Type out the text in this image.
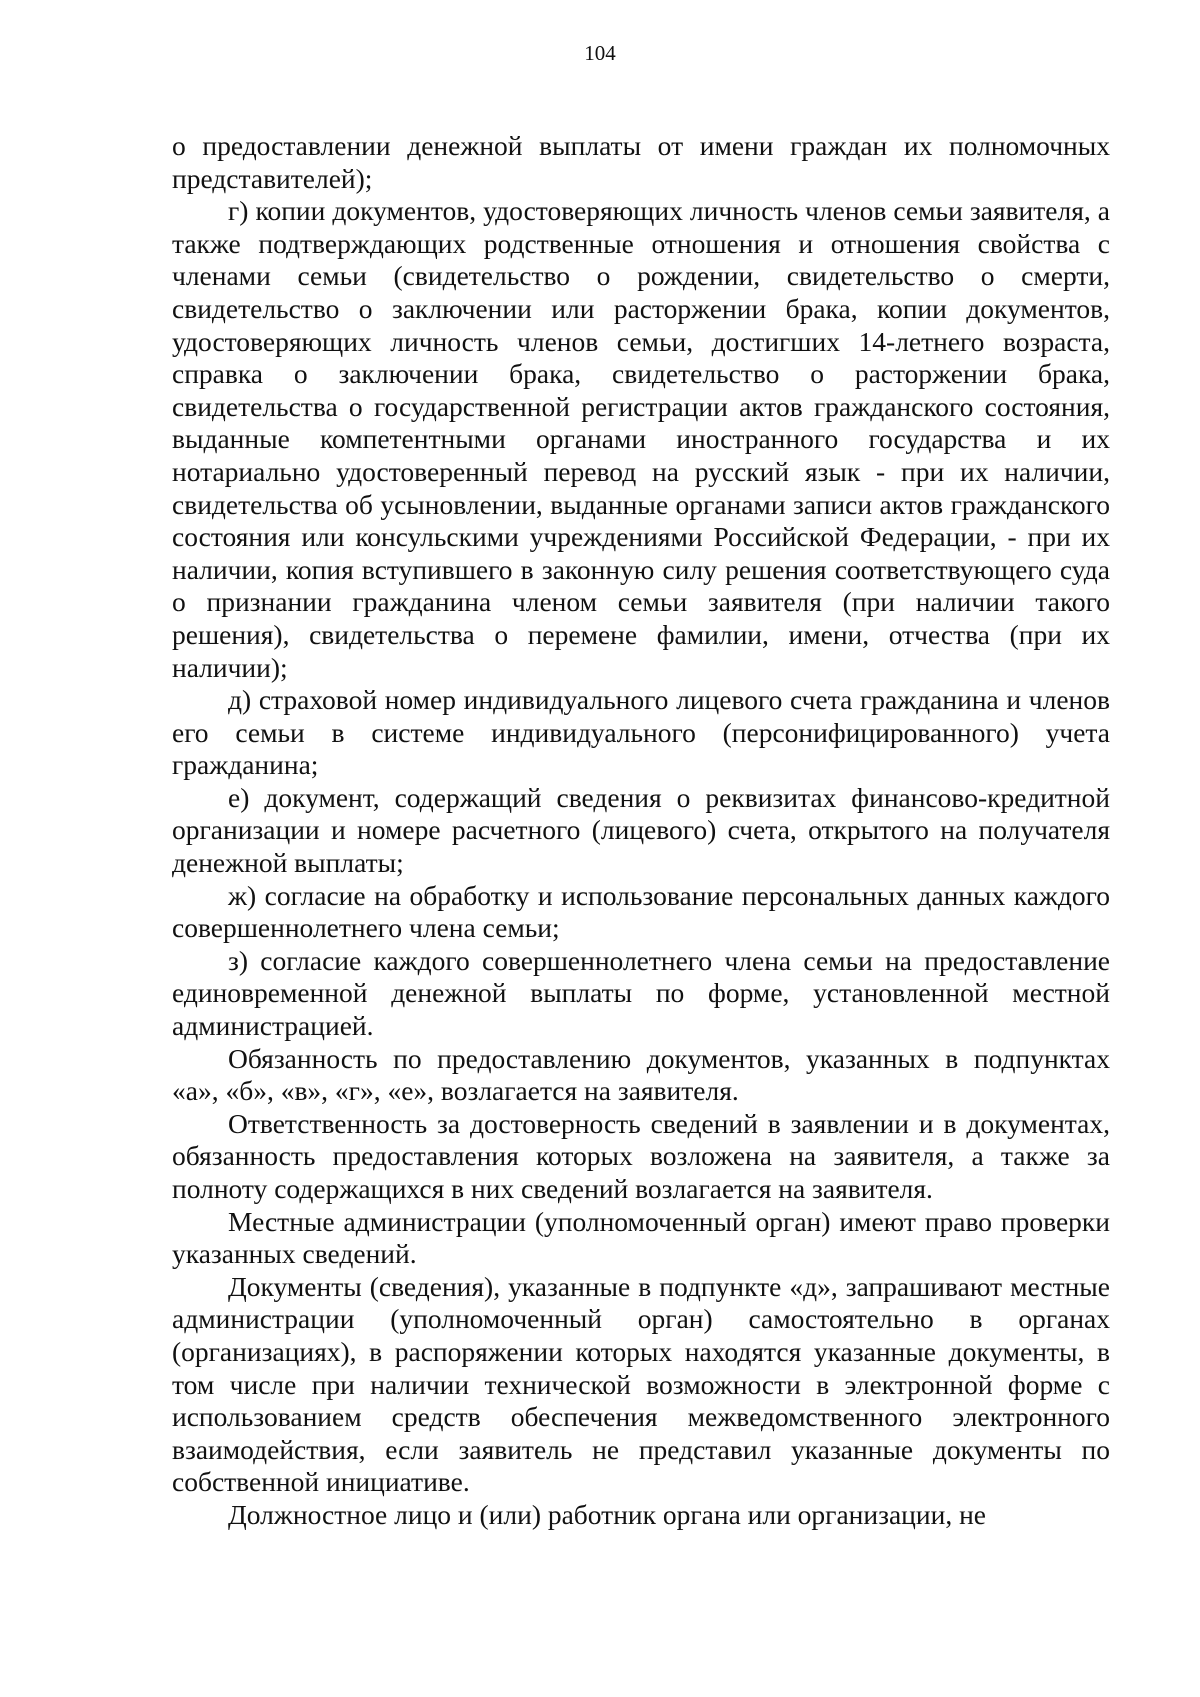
104

о предоставлении денежной выплаты от имени граждан их полномочных представителей);

г) копии документов, удостоверяющих личность членов семьи заявителя, а также подтверждающих родственные отношения и отношения свойства с членами семьи (свидетельство о рождении, свидетельство о смерти, свидетельство о заключении или расторжении брака, копии документов, удостоверяющих личность членов семьи, достигших 14-летнего возраста, справка о заключении брака, свидетельство о расторжении брака, свидетельства о государственной регистрации актов гражданского состояния, выданные компетентными органами иностранного государства и их нотариально удостоверенный перевод на русский язык - при их наличии, свидетельства об усыновлении, выданные органами записи актов гражданского состояния или консульскими учреждениями Российской Федерации, - при их наличии, копия вступившего в законную силу решения соответствующего суда о признании гражданина членом семьи заявителя (при наличии такого решения), свидетельства о перемене фамилии, имени, отчества (при их наличии);

д) страховой номер индивидуального лицевого счета гражданина и членов его семьи в системе индивидуального (персонифицированного) учета гражданина;

е) документ, содержащий сведения о реквизитах финансово-кредитной организации и номере расчетного (лицевого) счета, открытого на получателя денежной выплаты;

ж) согласие на обработку и использование персональных данных каждого совершеннолетнего члена семьи;

з) согласие каждого совершеннолетнего члена семьи на предоставление единовременной денежной выплаты по форме, установленной местной администрацией.

Обязанность по предоставлению документов, указанных в подпунктах «а», «б», «в», «г», «е», возлагается на заявителя.

Ответственность за достоверность сведений в заявлении и в документах, обязанность предоставления которых возложена на заявителя, а также за полноту содержащихся в них сведений возлагается на заявителя.

Местные администрации (уполномоченный орган) имеют право проверки указанных сведений.

Документы (сведения), указанные в подпункте «д», запрашивают местные администрации (уполномоченный орган) самостоятельно в органах (организациях), в распоряжении которых находятся указанные документы, в том числе при наличии технической возможности в электронной форме с использованием средств обеспечения межведомственного электронного взаимодействия, если заявитель не представил указанные документы по собственной инициативе.

Должностное лицо и (или) работник органа или организации, не
